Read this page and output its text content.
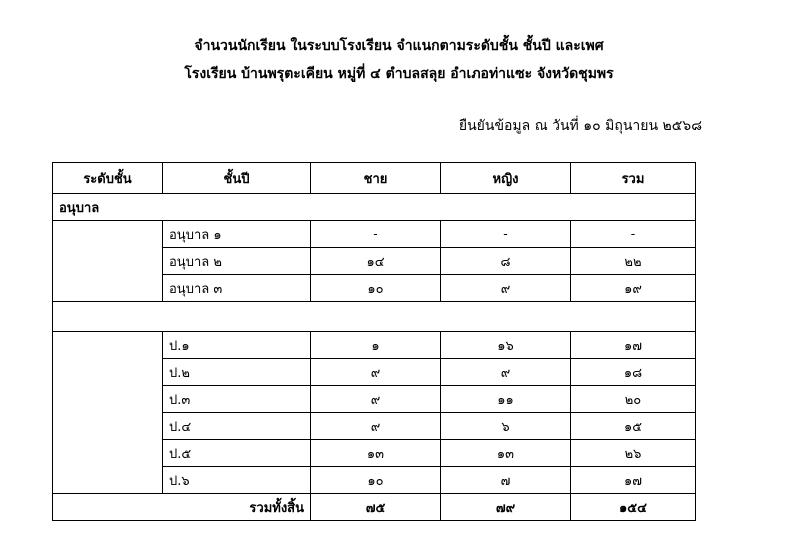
จำนวนนักเรียน ในระบบโรงเรียน จำแนกตามระดับชั้น ชั้นปี และเพศ
โรงเรียน บ้านพรุตะเคียน หมู่ที่ ๔ ตำบลสลุย อำเภอท่าแซะ จังหวัดชุมพร
ยืนยันข้อมูล ณ วันที่ ๑๐ มิถุนายน ๒๕๖๘
ระดับชั้น	ชั้นปี	ชาย	หญิง	รวม
อนุบาล				
	อนุบาล ๑	-	-	-
	อนุบาล ๒	๑๔	๘	๒๒
	อนุบาล ๓	๑๐	๙	๑๙

	ป.๑	๑	๑๖	๑๗
	ป.๒	๙	๙	๑๘
	ป.๓	๙	๑๑	๒๐
	ป.๔	๙	๖	๑๕
	ป.๕	๑๓	๑๓	๒๖
	ป.๖	๑๐	๗	๑๗
รวมทั้งสิ้น		๗๕	๗๙	๑๕๔
